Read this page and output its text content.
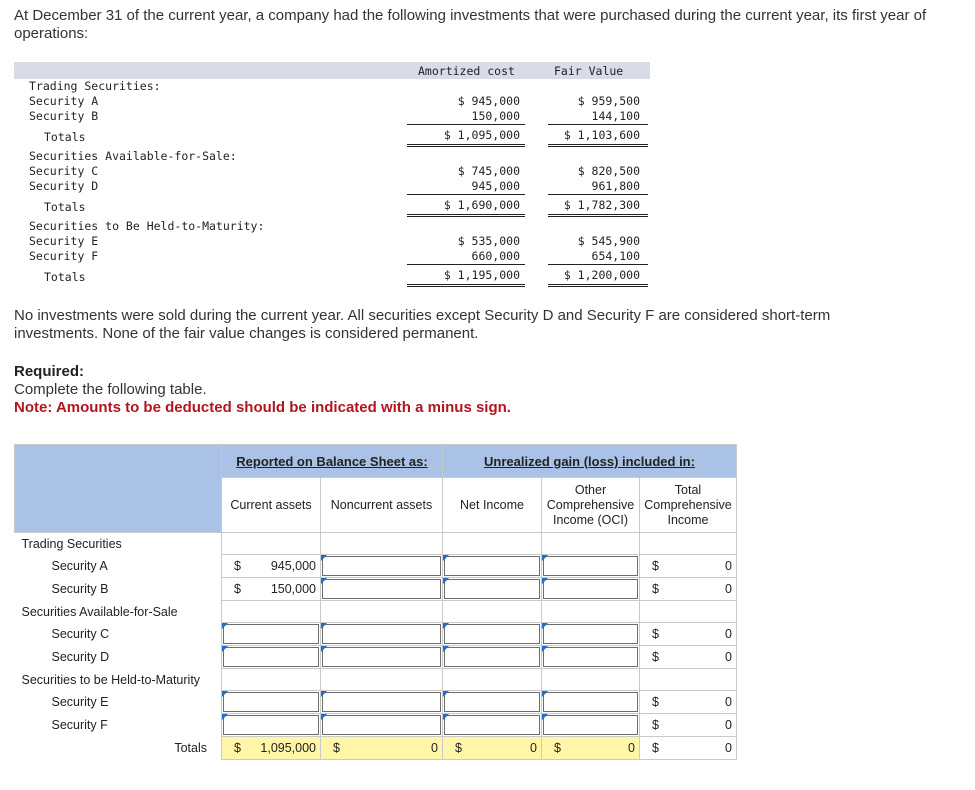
At December 31 of the current year, a company had the following investments that were purchased during the current year, its first year of operations:
Amortized cost	Fair Value
Trading Securities:
Security A	$ 945,000	$ 959,500
Security B	150,000	144,100
Totals	$ 1,095,000	$ 1,103,600
Securities Available-for-Sale:
Security C	$ 745,000	$ 820,500
Security D	945,000	961,800
Totals	$ 1,690,000	$ 1,782,300
Securities to Be Held-to-Maturity:
Security E	$ 535,000	$ 545,900
Security F	660,000	654,100
Totals	$ 1,195,000	$ 1,200,000
No investments were sold during the current year. All securities except Security D and Security F are considered short-term investments. None of the fair value changes is considered permanent.
Required:
Complete the following table.
Note: Amounts to be deducted should be indicated with a minus sign.
	Reported on Balance Sheet as:		Unrealized gain (loss) included in:		
	Current assets	Noncurrent assets	Net Income	Other Comprehensive Income (OCI)	Total Comprehensive Income
Trading Securities					
Security A	$ 945,000				$ 0

Security B	$ 150,000				$ 0

Securities Available-for-Sale					
Security C					$ 0

Security D					$ 0

Securities to be Held-to-Maturity					
Security E					$ 0

Security F					$ 0

Totals	$ 1,095,000	$ 0	$ 0	$ 0	$ 0
